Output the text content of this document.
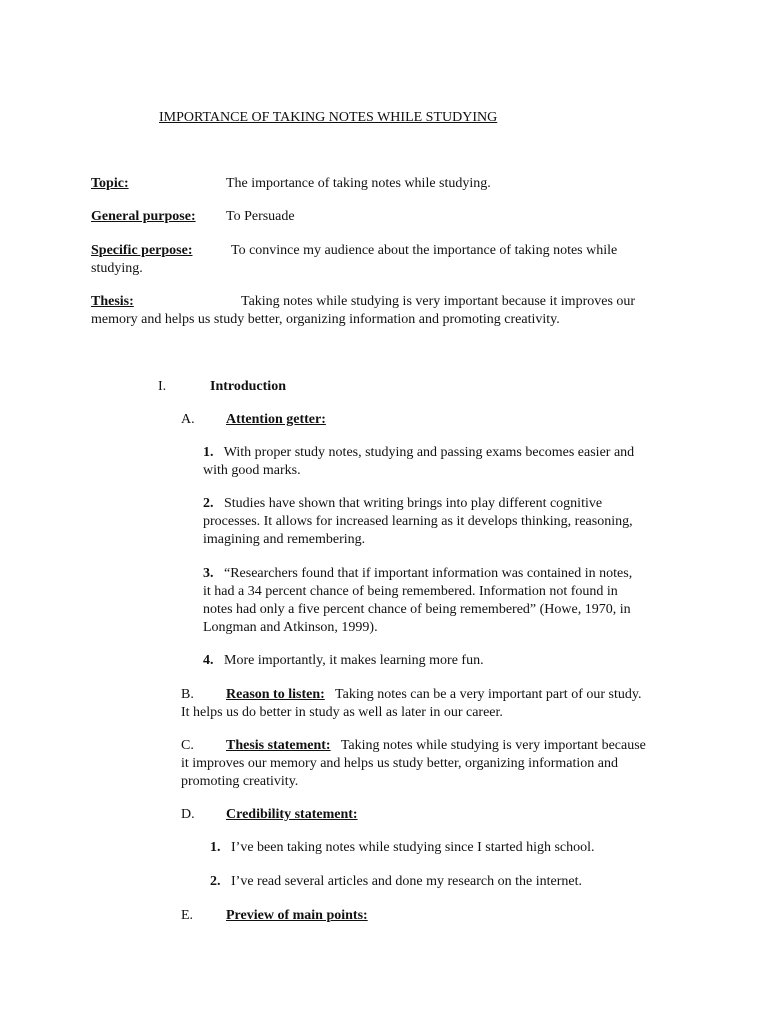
IMPORTANCE OF TAKING NOTES WHILE STUDYING
Topic:	The importance of taking notes while studying.
General purpose: To Persuade
Specific perpose:	To convince my audience about the importance of taking notes while
studying.
Thesis:	Taking notes while studying is very important because it improves our
memory and helps us study better, organizing information and promoting creativity.
I.	Introduction
A. Attention getter:
1. With proper study notes, studying and passing exams becomes easier and
with good marks.
2. Studies have shown that writing brings into play different cognitive
processes. It allows for increased learning as it develops thinking, reasoning,
imagining and remembering.
3. “Researchers found that if important information was contained in notes,
it had a 34 percent chance of being remembered. Information not found in
notes had only a five percent chance of being remembered” (Howe, 1970, in
Longman and Atkinson, 1999).
4. More importantly, it makes learning more fun.
B. Reason to listen: Taking notes can be a very important part of our study.
It helps us do better in study as well as later in our career.
C. Thesis statement: Taking notes while studying is very important because
it improves our memory and helps us study better, organizing information and
promoting creativity.
D. Credibility statement:
1. I’ve been taking notes while studying since I started high school.
2. I’ve read several articles and done my research on the internet.
E. Preview of main points:
